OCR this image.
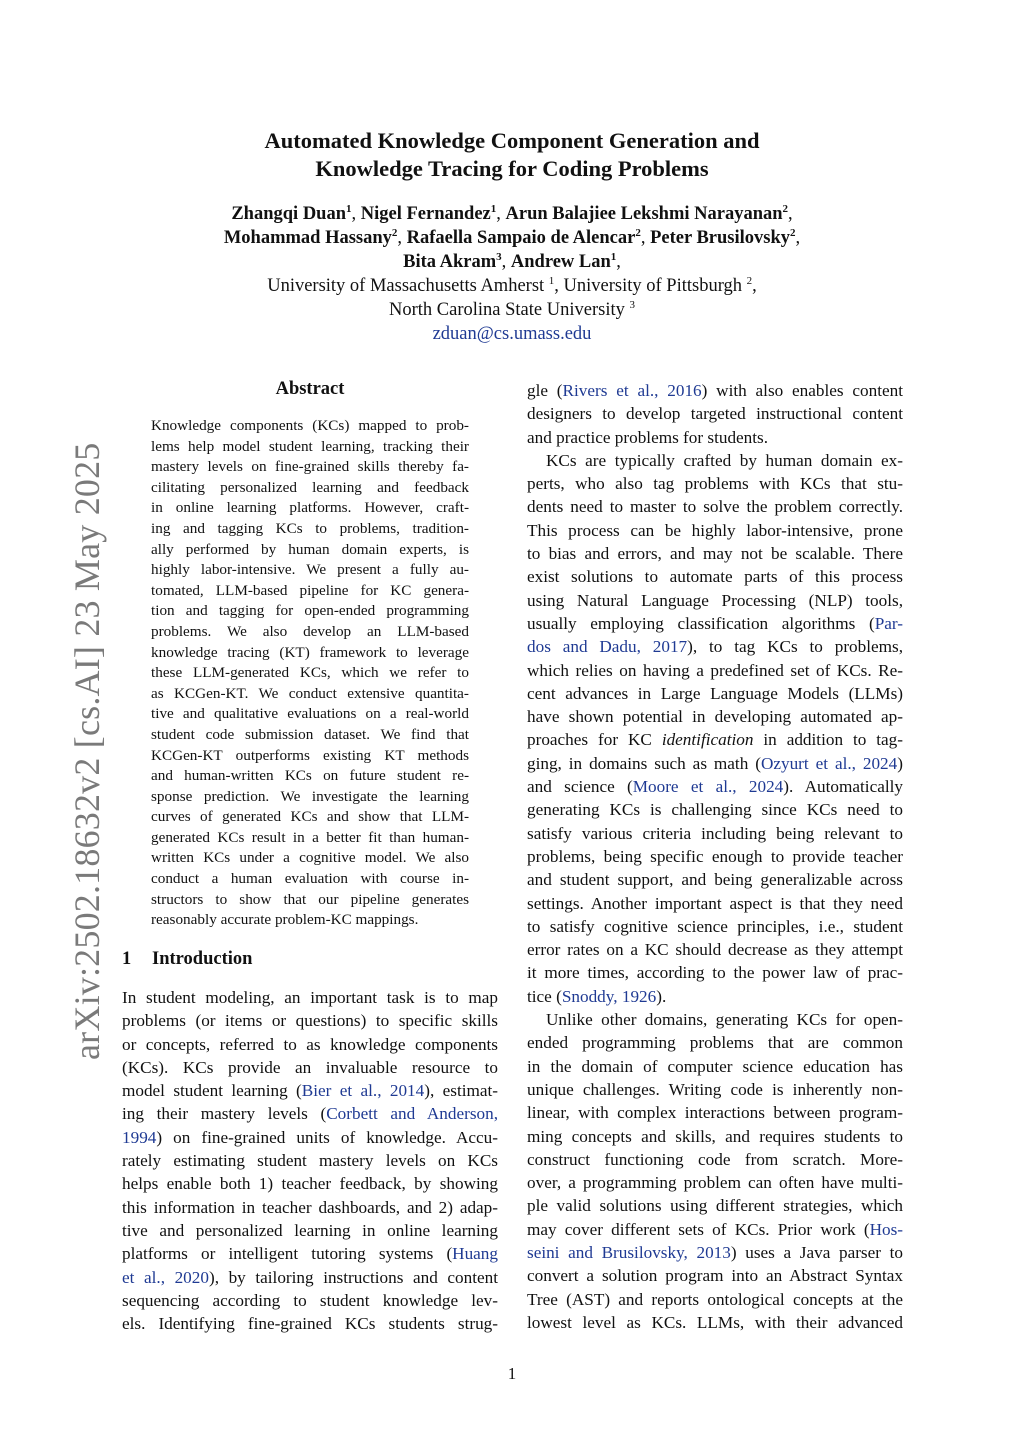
arXiv:2502.18632v2 [cs.AI] 23 May 2025
Automated Knowledge Component Generation and
Knowledge Tracing for Coding Problems
Zhangqi Duan$^1$, Nigel Fernandez$^1$, Arun Balajiee Lekshmi Narayanan$^2$,
Mohammad Hassany$^2$, Rafaella Sampaio de Alencar$^2$, Peter Brusilovsky$^2$,
Bita Akram$^3$, Andrew Lan$^1$,
University of Massachusetts Amherst $^1$, University of Pittsburgh $^2$,
North Carolina State University $^3$
zduan@cs.umass.edu
Abstract
Knowledge components (KCs) mapped to prob-
lems help model student learning, tracking their
mastery levels on fine-grained skills thereby fa-
cilitating personalized learning and feedback
in online learning platforms. However, craft-
ing and tagging KCs to problems, tradition-
ally performed by human domain experts, is
highly labor-intensive. We present a fully au-
tomated, LLM-based pipeline for KC genera-
tion and tagging for open-ended programming
problems. We also develop an LLM-based
knowledge tracing (KT) framework to leverage
these LLM-generated KCs, which we refer to
as KCGen-KT. We conduct extensive quantita-
tive and qualitative evaluations on a real-world
student code submission dataset. We find that
KCGen-KT outperforms existing KT methods
and human-written KCs on future student re-
sponse prediction. We investigate the learning
curves of generated KCs and show that LLM-
generated KCs result in a better fit than human-
written KCs under a cognitive model. We also
conduct a human evaluation with course in-
structors to show that our pipeline generates
reasonably accurate problem-KC mappings.
1 Introduction
In student modeling, an important task is to map
problems (or items or questions) to specific skills
or concepts, referred to as knowledge components
(KCs). KCs provide an invaluable resource to
model student learning (Bier et al., 2014), estimat-
ing their mastery levels (Corbett and Anderson,
1994) on fine-grained units of knowledge. Accu-
rately estimating student mastery levels on KCs
helps enable both 1) teacher feedback, by showing
this information in teacher dashboards, and 2) adap-
tive and personalized learning in online learning
platforms or intelligent tutoring systems (Huang
et al., 2020), by tailoring instructions and content
sequencing according to student knowledge lev-
els. Identifying fine-grained KCs students strug-
gle (Rivers et al., 2016) with also enables content
designers to develop targeted instructional content
and practice problems for students.
KCs are typically crafted by human domain ex-
perts, who also tag problems with KCs that stu-
dents need to master to solve the problem correctly.
This process can be highly labor-intensive, prone
to bias and errors, and may not be scalable. There
exist solutions to automate parts of this process
using Natural Language Processing (NLP) tools,
usually employing classification algorithms (Par-
dos and Dadu, 2017), to tag KCs to problems,
which relies on having a predefined set of KCs. Re-
cent advances in Large Language Models (LLMs)
have shown potential in developing automated ap-
proaches for KC identification in addition to tag-
ging, in domains such as math (Ozyurt et al., 2024)
and science (Moore et al., 2024). Automatically
generating KCs is challenging since KCs need to
satisfy various criteria including being relevant to
problems, being specific enough to provide teacher
and student support, and being generalizable across
settings. Another important aspect is that they need
to satisfy cognitive science principles, i.e., student
error rates on a KC should decrease as they attempt
it more times, according to the power law of prac-
tice (Snoddy, 1926).
Unlike other domains, generating KCs for open-
ended programming problems that are common
in the domain of computer science education has
unique challenges. Writing code is inherently non-
linear, with complex interactions between program-
ming concepts and skills, and requires students to
construct functioning code from scratch. More-
over, a programming problem can often have multi-
ple valid solutions using different strategies, which
may cover different sets of KCs. Prior work (Hos-
seini and Brusilovsky, 2013) uses a Java parser to
convert a solution program into an Abstract Syntax
Tree (AST) and reports ontological concepts at the
lowest level as KCs. LLMs, with their advanced
1
